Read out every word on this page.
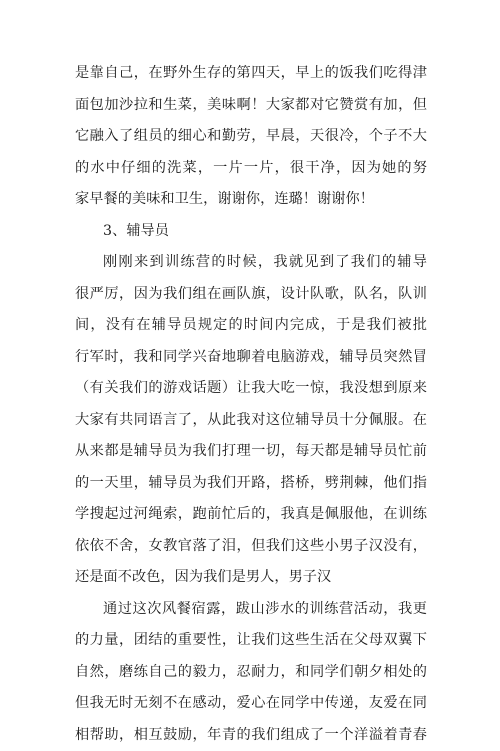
是靠自己，在野外生存的第四天，早上的饭我们吃得津
面包加沙拉和生菜，美味啊！大家都对它赞赏有加，但
它融入了组员的细心和勤劳，早晨，天很冷，个子不大
的水中仔细的洗菜，一片一片，很干净，因为她的努
家早餐的美味和卫生，谢谢你，连璐！谢谢你！
3、辅导员
刚刚来到训练营的时候，我就见到了我们的辅导
很严厉，因为我们组在画队旗，设计队歌，队名，队训
间，没有在辅导员规定的时间内完成，于是我们被批
行军时，我和同学兴奋地聊着电脑游戏，辅导员突然冒
（有关我们的游戏话题）让我大吃一惊，我没想到原来
大家有共同语言了，从此我对这位辅导员十分佩服。在
从来都是辅导员为我们打理一切，每天都是辅导员忙前
的一天里，辅导员为我们开路，搭桥，劈荆棘，他们指
学搜起过河绳索，跑前忙后的，我真是佩服他，在训练
依依不舍，女教官落了泪，但我们这些小男子汉没有，
还是面不改色，因为我们是男人，男子汉
通过这次风餐宿露，跋山涉水的训练营活动，我更
的力量，团结的重要性，让我们这些生活在父母双翼下
自然，磨练自己的毅力，忍耐力，和同学们朝夕相处的
但我无时无刻不在感动，爱心在同学中传递，友爱在同
相帮助，相互鼓励，年青的我们组成了一个洋溢着青春
